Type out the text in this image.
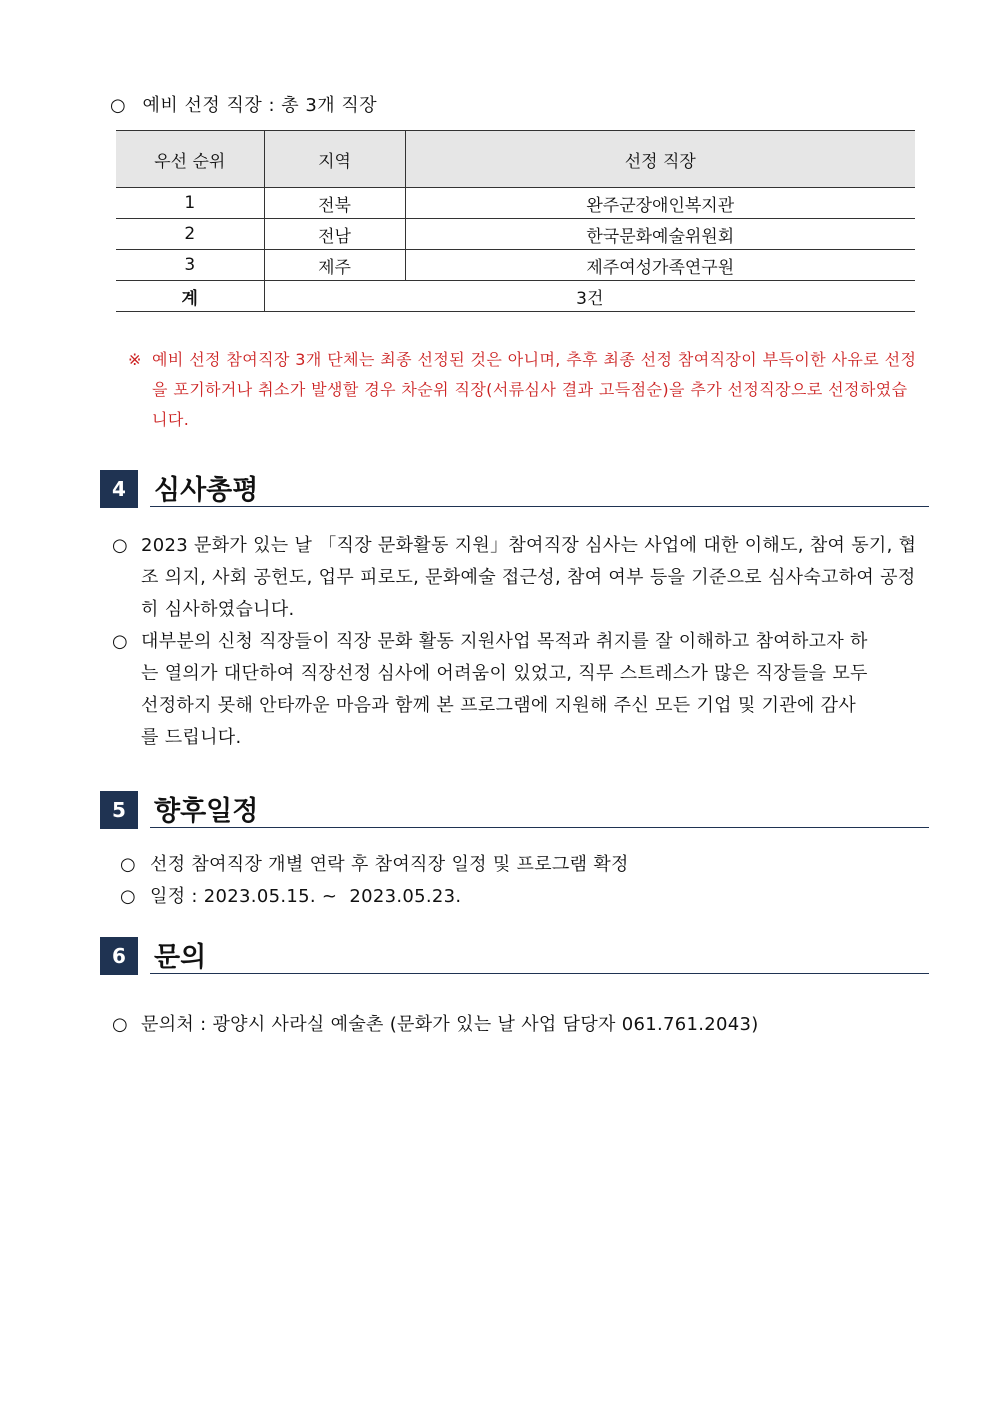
○ 예비 선정 직장 : 총 3개 직장
우선 순위	지역	선정 직장
1	전북	완주군장애인복지관
2	전남	한국문화예술위원회
3	제주	제주여성가족연구원
계	3건	
※ 예비 선정 참여직장 3개 단체는 최종 선정된 것은 아니며, 추후 최종 선정 참여직장이 부득이한 사유로 선정을 포기하거나 취소가 발생할 경우 차순위 직장(서류심사 결과 고득점순)을 추가 선정직장으로 선정하였습니다.
4	심사총평
○ 2023 문화가 있는 날 「직장 문화활동 지원」참여직장 심사는 사업에 대한 이해도, 참여 동기, 협조 의지, 사회 공헌도, 업무 피로도, 문화예술 접근성, 참여 여부 등을 기준으로 심사숙고하여 공정히 심사하였습니다.
○ 대부분의 신청 직장들이 직장 문화 활동 지원사업 목적과 취지를 잘 이해하고 참여하고자 하는 열의가 대단하여 직장선정 심사에 어려움이 있었고, 직무 스트레스가 많은 직장들을 모두 선정하지 못해 안타까운 마음과 함께 본 프로그램에 지원해 주신 모든 기업 및 기관에 감사를 드립니다.
5	향후일정
○ 선정 참여직장 개별 연락 후 참여직장 일정 및 프로그램 확정
○ 일정 : 2023.05.15. ~  2023.05.23.
6	문의
○ 문의처 : 광양시 사라실 예술촌 (문화가 있는 날 사업 담당자 061.761.2043)
